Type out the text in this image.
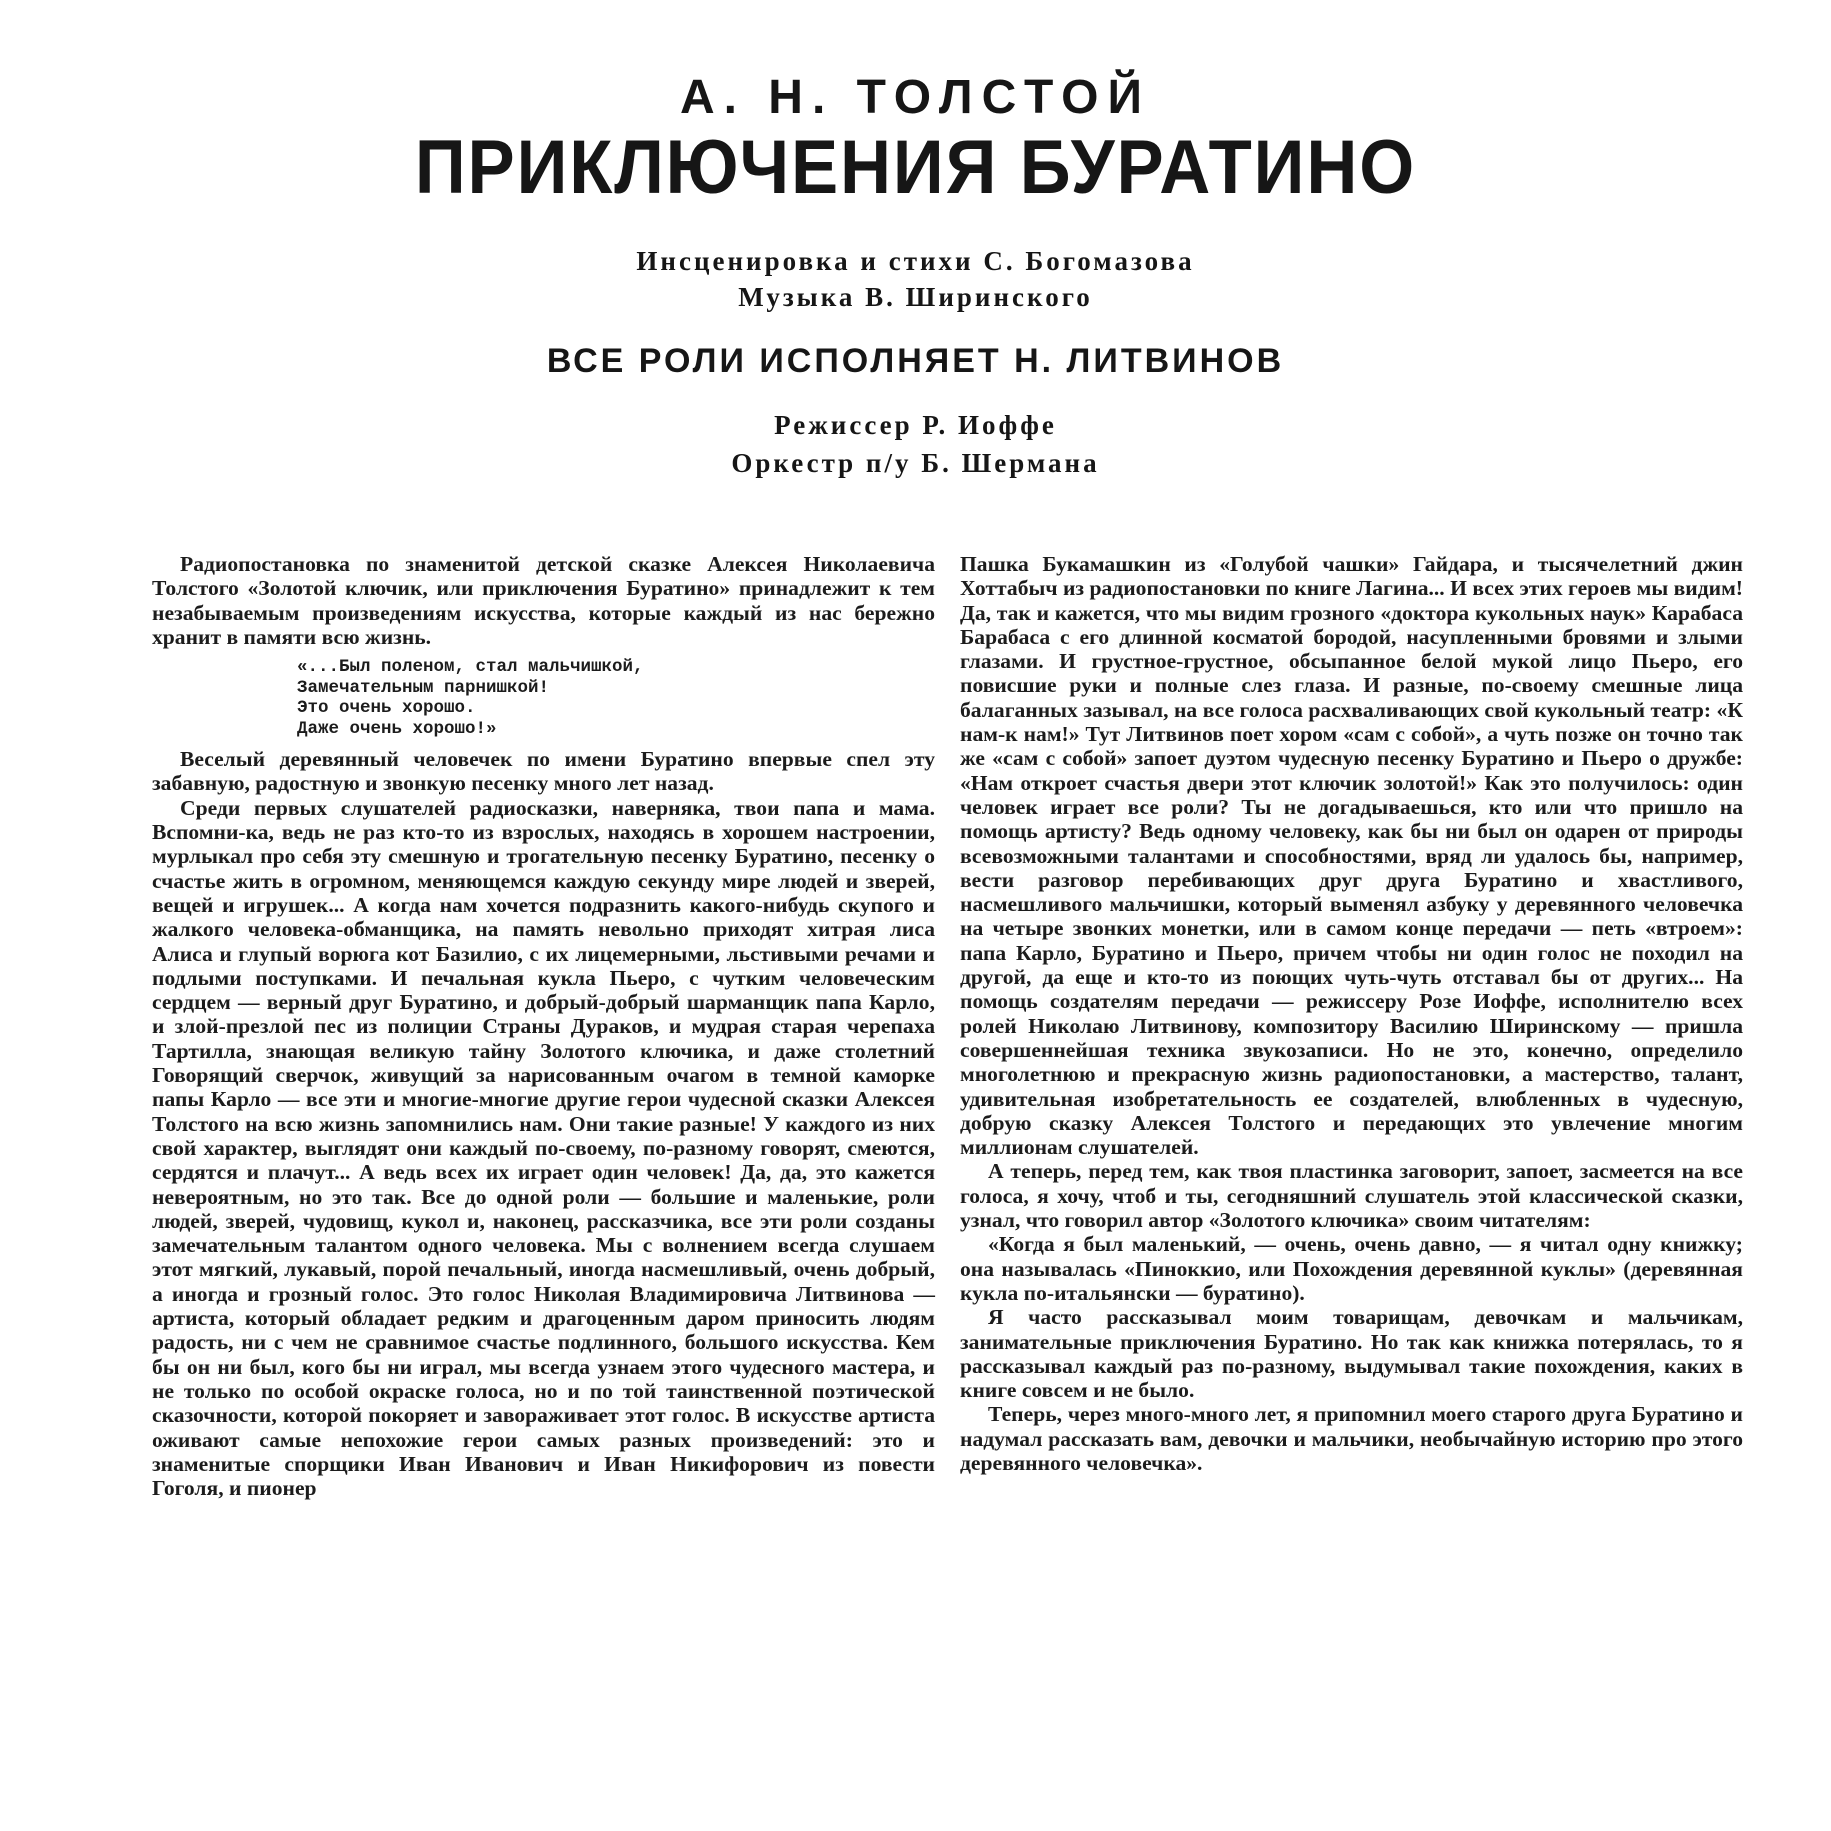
А. Н. ТОЛСТОЙ
ПРИКЛЮЧЕНИЯ БУРАТИНО
Инсценировка и стихи С. Богомазова
Музыка В. Ширинского
ВСЕ РОЛИ ИСПОЛНЯЕТ Н. ЛИТВИНОВ
Режиссер Р. Иоффе
Оркестр п/у Б. Шермана

Радиопостановка по знаменитой детской сказке Алексея Николаевича Толстого «Золотой ключик, или приключения Буратино» принадлежит к тем незабываемым произведениям искусства, которые каждый из нас бережно хранит в памяти всю жизнь.

«...Был поленом, стал мальчишкой,
Замечательным парнишкой!
Это очень хорошо.
Даже очень хорошо!»

Веселый деревянный человечек по имени Буратино впервые спел эту забавную, радостную и звонкую песенку много лет назад.

Среди первых слушателей радиосказки, наверняка, твои папа и мама. Вспомни-ка, ведь не раз кто-то из взрослых, находясь в хорошем настроении, мурлыкал про себя эту смешную и трогательную песенку Буратино, песенку о счастье жить в огромном, меняющемся каждую секунду мире людей и зверей, вещей и игрушек... А когда нам хочется подразнить какого-нибудь скупого и жалкого человека-обманщика, на память невольно приходят хитрая лиса Алиса и глупый ворюга кот Базилио, с их лицемерными, льстивыми речами и подлыми поступками. И печальная кукла Пьеро, с чутким человеческим сердцем — верный друг Буратино, и добрый-добрый шарманщик папа Карло, и злой-презлой пес из полиции Страны Дураков, и мудрая старая черепаха Тартилла, знающая великую тайну Золотого ключика, и даже столетний Говорящий сверчок, живущий за нарисованным очагом в темной каморке папы Карло — все эти и многие-многие другие герои чудесной сказки Алексея Толстого на всю жизнь запомнились нам. Они такие разные! У каждого из них свой характер, выглядят они каждый по-своему, по-разному говорят, смеются, сердятся и плачут... А ведь всех их играет один человек! Да, да, это кажется невероятным, но это так. Все до одной роли — большие и маленькие, роли людей, зверей, чудовищ, кукол и, наконец, рассказчика, все эти роли созданы замечательным талантом одного человека. Мы с волнением всегда слушаем этот мягкий, лукавый, порой печальный, иногда насмешливый, очень добрый, а иногда и грозный голос. Это голос Николая Владимировича Литвинова — артиста, который обладает редким и драгоценным даром приносить людям радость, ни с чем не сравнимое счастье подлинного, большого искусства. Кем бы он ни был, кого бы ни играл, мы всегда узнаем этого чудесного мастера, и не только по особой окраске голоса, но и по той таинственной поэтической сказочности, которой покоряет и завораживает этот голос. В искусстве артиста оживают самые непохожие герои самых разных произведений: это и знаменитые спорщики Иван Иванович и Иван Никифорович из повести Гоголя, и пионер

Пашка Букамашкин из «Голубой чашки» Гайдара, и тысячелетний джин Хоттабыч из радиопостановки по книге Лагина... И всех этих героев мы видим! Да, так и кажется, что мы видим грозного «доктора кукольных наук» Карабаса Барабаса с его длинной косматой бородой, насупленными бровями и злыми глазами. И грустное-грустное, обсыпанное белой мукой лицо Пьеро, его повисшие руки и полные слез глаза. И разные, по-своему смешные лица балаганных зазывал, на все голоса расхваливающих свой кукольный театр: «К нам-к нам!» Тут Литвинов поет хором «сам с собой», а чуть позже он точно так же «сам с собой» запоет дуэтом чудесную песенку Буратино и Пьеро о дружбе: «Нам откроет счастья двери этот ключик золотой!» Как это получилось: один человек играет все роли? Ты не догадываешься, кто или что пришло на помощь артисту? Ведь одному человеку, как бы ни был он одарен от природы всевозможными талантами и способностями, вряд ли удалось бы, например, вести разговор перебивающих друг друга Буратино и хвастливого, насмешливого мальчишки, который выменял азбуку у деревянного человечка на четыре звонких монетки, или в самом конце передачи — петь «втроем»: папа Карло, Буратино и Пьеро, причем чтобы ни один голос не походил на другой, да еще и кто-то из поющих чуть-чуть отставал бы от других... На помощь создателям передачи — режиссеру Розе Иоффе, исполнителю всех ролей Николаю Литвинову, композитору Василию Ширинскому — пришла совершеннейшая техника звукозаписи. Но не это, конечно, определило многолетнюю и прекрасную жизнь радиопостановки, а мастерство, талант, удивительная изобретательность ее создателей, влюбленных в чудесную, добрую сказку Алексея Толстого и передающих это увлечение многим миллионам слушателей.

А теперь, перед тем, как твоя пластинка заговорит, запоет, засмеется на все голоса, я хочу, чтоб и ты, сегодняшний слушатель этой классической сказки, узнал, что говорил автор «Золотого ключика» своим читателям:

«Когда я был маленький, — очень, очень давно, — я читал одну книжку; она называлась «Пиноккио, или Похождения деревянной куклы» (деревянная кукла по-итальянски — буратино).

Я часто рассказывал моим товарищам, девочкам и мальчикам, занимательные приключения Буратино. Но так как книжка потерялась, то я рассказывал каждый раз по-разному, выдумывал такие похождения, каких в книге совсем и не было.

Теперь, через много-много лет, я припомнил моего старого друга Буратино и надумал рассказать вам, девочки и мальчики, необычайную историю про этого деревянного человечка».
